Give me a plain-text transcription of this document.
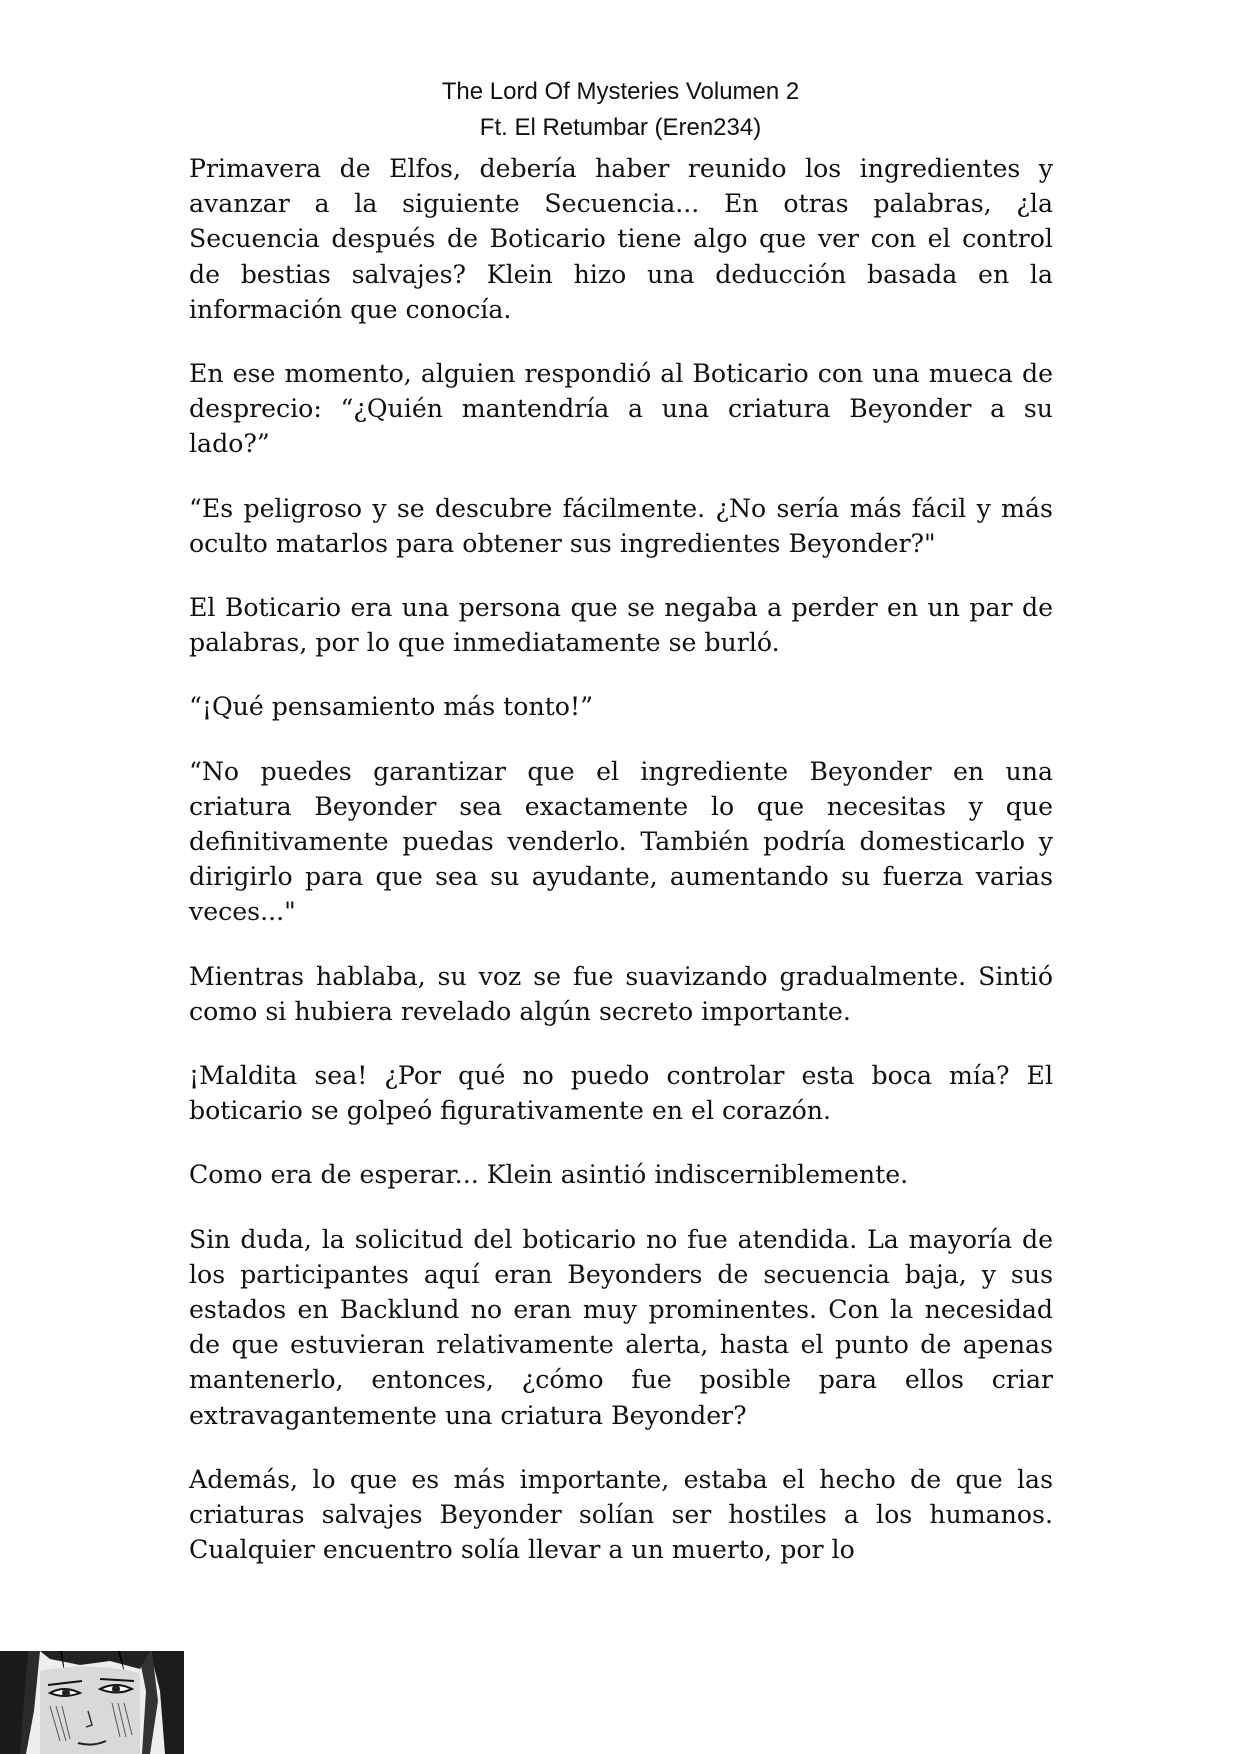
The Lord Of Mysteries Volumen 2
Ft. El Retumbar (Eren234)

Primavera de Elfos, debería haber reunido los ingredientes y avanzar a la siguiente Secuencia... En otras palabras, ¿la Secuencia después de Boticario tiene algo que ver con el control de bestias salvajes? Klein hizo una deducción basada en la información que conocía.

En ese momento, alguien respondió al Boticario con una mueca de desprecio: “¿Quién mantendría a una criatura Beyonder a su lado?”

“Es peligroso y se descubre fácilmente. ¿No sería más fácil y más oculto matarlos para obtener sus ingredientes Beyonder?"

El Boticario era una persona que se negaba a perder en un par de palabras, por lo que inmediatamente se burló.

“¡Qué pensamiento más tonto!”

“No puedes garantizar que el ingrediente Beyonder en una criatura Beyonder sea exactamente lo que necesitas y que definitivamente puedas venderlo. También podría domesticarlo y dirigirlo para que sea su ayudante, aumentando su fuerza varias veces..."

Mientras hablaba, su voz se fue suavizando gradualmente. Sintió como si hubiera revelado algún secreto importante.

¡Maldita sea! ¿Por qué no puedo controlar esta boca mía? El boticario se golpeó figurativamente en el corazón.

Como era de esperar... Klein asintió indiscerniblemente.

Sin duda, la solicitud del boticario no fue atendida. La mayoría de los participantes aquí eran Beyonders de secuencia baja, y sus estados en Backlund no eran muy prominentes. Con la necesidad de que estuvieran relativamente alerta, hasta el punto de apenas mantenerlo, entonces, ¿cómo fue posible para ellos criar extravagantemente una criatura Beyonder?

Además, lo que es más importante, estaba el hecho de que las criaturas salvajes Beyonder solían ser hostiles a los humanos. Cualquier encuentro solía llevar a un muerto, por lo
